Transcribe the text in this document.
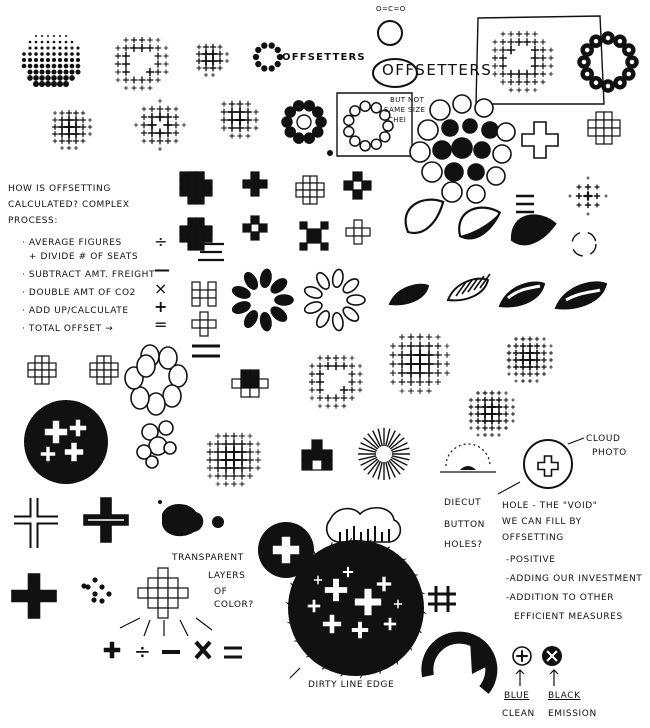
÷
O=C=O
OFFSETTERS
OFFSETTERS
BUT NOT
SAME SIZE
CHEI
HOW IS OFFSETTING
CALCULATED? COMPLEX
PROCESS:
· AVERAGE FIGURES
+ DIVIDE # OF SEATS
· SUBTRACT AMT. FREIGHT
· DOUBLE AMT OF CO2
· ADD UP/CALCULATE
· TOTAL OFFSET →
÷
—
×
+
=
CLOUD
PHOTO
HOLE - THE "VOID"
WE CAN FILL BY
OFFSETTING
-POSITIVE
-ADDING OUR INVESTMENT
-ADDITION TO OTHER
EFFICIENT MEASURES
DIECUT
BUTTON
HOLES?
TRANSPARENT
LAYERS
OF
COLOR?
DIRTY LINE EDGE
BLUE
CLEAN
BLACK
EMISSION
